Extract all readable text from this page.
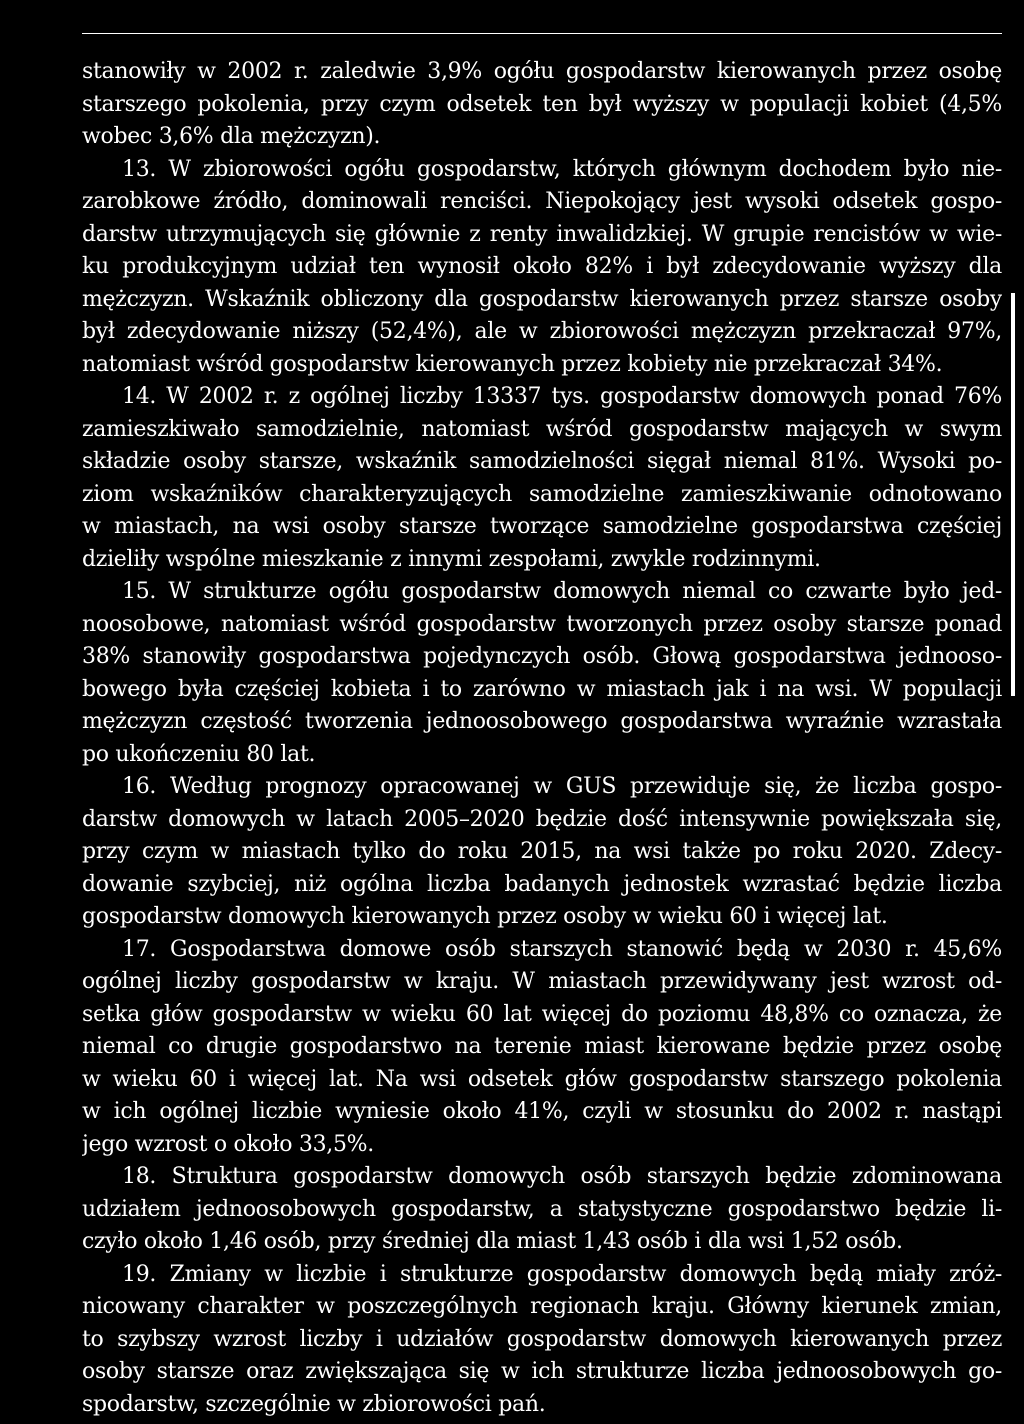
stanowiły w 2002 r. zaledwie 3,9% ogółu gospodarstw kierowanych przez osobę
starszego pokolenia, przy czym odsetek ten był wyższy w populacji kobiet (4,5%
wobec 3,6% dla mężczyzn).
13. W zbiorowości ogółu gospodarstw, których głównym dochodem było nie-
zarobkowe źródło, dominowali renciści. Niepokojący jest wysoki odsetek gospo-
darstw utrzymujących się głównie z renty inwalidzkiej. W grupie rencistów w wie-
ku produkcyjnym udział ten wynosił około 82% i był zdecydowanie wyższy dla
mężczyzn. Wskaźnik obliczony dla gospodarstw kierowanych przez starsze osoby
był zdecydowanie niższy (52,4%), ale w zbiorowości mężczyzn przekraczał 97%,
natomiast wśród gospodarstw kierowanych przez kobiety nie przekraczał 34%.
14. W 2002 r. z ogólnej liczby 13337 tys. gospodarstw domowych ponad 76%
zamieszkiwało samodzielnie, natomiast wśród gospodarstw mających w swym
składzie osoby starsze, wskaźnik samodzielności sięgał niemal 81%. Wysoki po-
ziom wskaźników charakteryzujących samodzielne zamieszkiwanie odnotowano
w miastach, na wsi osoby starsze tworzące samodzielne gospodarstwa częściej
dzieliły wspólne mieszkanie z innymi zespołami, zwykle rodzinnymi.
15. W strukturze ogółu gospodarstw domowych niemal co czwarte było jed-
noosobowe, natomiast wśród gospodarstw tworzonych przez osoby starsze ponad
38% stanowiły gospodarstwa pojedynczych osób. Głową gospodarstwa jednooso-
bowego była częściej kobieta i to zarówno w miastach jak i na wsi. W populacji
mężczyzn częstość tworzenia jednoosobowego gospodarstwa wyraźnie wzrastała
po ukończeniu 80 lat.
16. Według prognozy opracowanej w GUS przewiduje się, że liczba gospo-
darstw domowych w latach 2005–2020 będzie dość intensywnie powiększała się,
przy czym w miastach tylko do roku 2015, na wsi także po roku 2020. Zdecy-
dowanie szybciej, niż ogólna liczba badanych jednostek wzrastać będzie liczba
gospodarstw domowych kierowanych przez osoby w wieku 60 i więcej lat.
17. Gospodarstwa domowe osób starszych stanowić będą w 2030 r. 45,6%
ogólnej liczby gospodarstw w kraju. W miastach przewidywany jest wzrost od-
setka głów gospodarstw w wieku 60 lat więcej do poziomu 48,8% co oznacza, że
niemal co drugie gospodarstwo na terenie miast kierowane będzie przez osobę
w wieku 60 i więcej lat. Na wsi odsetek głów gospodarstw starszego pokolenia
w ich ogólnej liczbie wyniesie około 41%, czyli w stosunku do 2002 r. nastąpi
jego wzrost o około 33,5%.
18. Struktura gospodarstw domowych osób starszych będzie zdominowana
udziałem jednoosobowych gospodarstw, a statystyczne gospodarstwo będzie li-
czyło około 1,46 osób, przy średniej dla miast 1,43 osób i dla wsi 1,52 osób.
19. Zmiany w liczbie i strukturze gospodarstw domowych będą miały zróż-
nicowany charakter w poszczególnych regionach kraju. Główny kierunek zmian,
to szybszy wzrost liczby i udziałów gospodarstw domowych kierowanych przez
osoby starsze oraz zwiększająca się w ich strukturze liczba jednoosobowych go-
spodarstw, szczególnie w zbiorowości pań.
